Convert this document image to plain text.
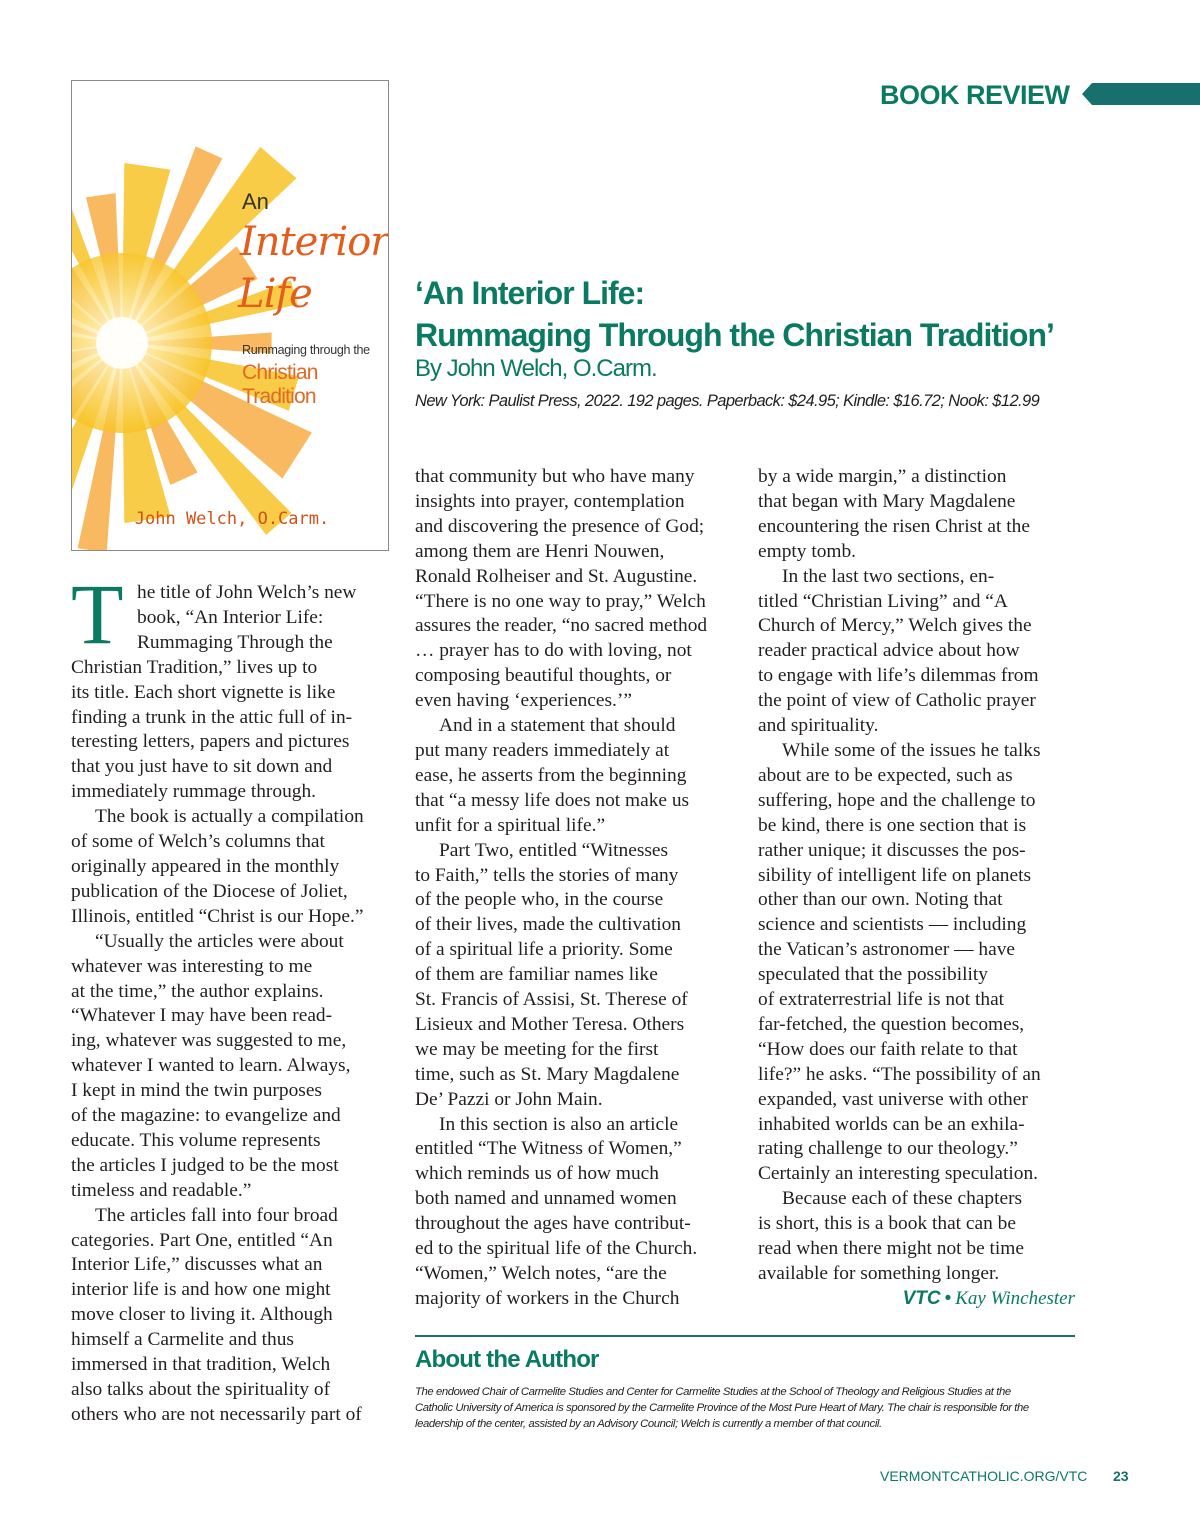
BOOK REVIEW
An
Interior
Life
Rummaging through the
Christian Tradition
John Welch, O.Carm.
‘An Interior Life:
Rummaging Through the Christian Tradition’
By John Welch, O.Carm.
New York: Paulist Press, 2022. 192 pages. Paperback: $24.95; Kindle: $16.72; Nook: $12.99
T he title of John Welch’s new

book, “An Interior Life:

Rummaging Through the

Christian Tradition,” lives up to

its title. Each short vignette is like

finding a trunk in the attic full of in-

teresting letters, papers and pictures

that you just have to sit down and

immediately rummage through.

The book is actually a compilation

of some of Welch’s columns that

originally appeared in the monthly

publication of the Diocese of Joliet,

Illinois, entitled “Christ is our Hope.”

“Usually the articles were about

whatever was interesting to me

at the time,” the author explains.

“Whatever I may have been read-

ing, whatever was suggested to me,

whatever I wanted to learn. Always,

I kept in mind the twin purposes

of the magazine: to evangelize and

educate. This volume represents

the articles I judged to be the most

timeless and readable.”

The articles fall into four broad

categories. Part One, entitled “An

Interior Life,” discusses what an

interior life is and how one might

move closer to living it. Although

himself a Carmelite and thus

immersed in that tradition, Welch

also talks about the spirituality of

others who are not necessarily part of

that community but who have many

insights into prayer, contemplation

and discovering the presence of God;

among them are Henri Nouwen,

Ronald Rolheiser and St. Augustine.

“There is no one way to pray,” Welch

assures the reader, “no sacred method

… prayer has to do with loving, not

composing beautiful thoughts, or

even having ‘experiences.’”

And in a statement that should

put many readers immediately at

ease, he asserts from the beginning

that “a messy life does not make us

unfit for a spiritual life.”

Part Two, entitled “Witnesses

to Faith,” tells the stories of many

of the people who, in the course

of their lives, made the cultivation

of a spiritual life a priority. Some

of them are familiar names like

St. Francis of Assisi, St. Therese of

Lisieux and Mother Teresa. Others

we may be meeting for the first

time, such as St. Mary Magdalene

De’ Pazzi or John Main.

In this section is also an article

entitled “The Witness of Women,”

which reminds us of how much

both named and unnamed women

throughout the ages have contribut-

ed to the spiritual life of the Church.

“Women,” Welch notes, “are the

majority of workers in the Church

by a wide margin,” a distinction

that began with Mary Magdalene

encountering the risen Christ at the

empty tomb.

In the last two sections, en-

titled “Christian Living” and “A

Church of Mercy,” Welch gives the

reader practical advice about how

to engage with life’s dilemmas from

the point of view of Catholic prayer

and spirituality.

While some of the issues he talks

about are to be expected, such as

suffering, hope and the challenge to

be kind, there is one section that is

rather unique; it discusses the pos-

sibility of intelligent life on planets

other than our own. Noting that

science and scientists — including

the Vatican’s astronomer — have

speculated that the possibility

of extraterrestrial life is not that

far-fetched, the question becomes,

“How does our faith relate to that

life?” he asks. “The possibility of an

expanded, vast universe with other

inhabited worlds can be an exhila-

rating challenge to our theology.”

Certainly an interesting speculation.

Because each of these chapters

is short, this is a book that can be

read when there might not be time

available for something longer.

VTC • Kay Winchester
About the Author
The endowed Chair of Carmelite Studies and Center for Carmelite Studies at the School of Theology and Religious Studies at the
Catholic University of America is sponsored by the Carmelite Province of the Most Pure Heart of Mary. The chair is responsible for the
leadership of the center, assisted by an Advisory Council; Welch is currently a member of that council.
VERMONTCATHOLIC.ORG/VTC 23
